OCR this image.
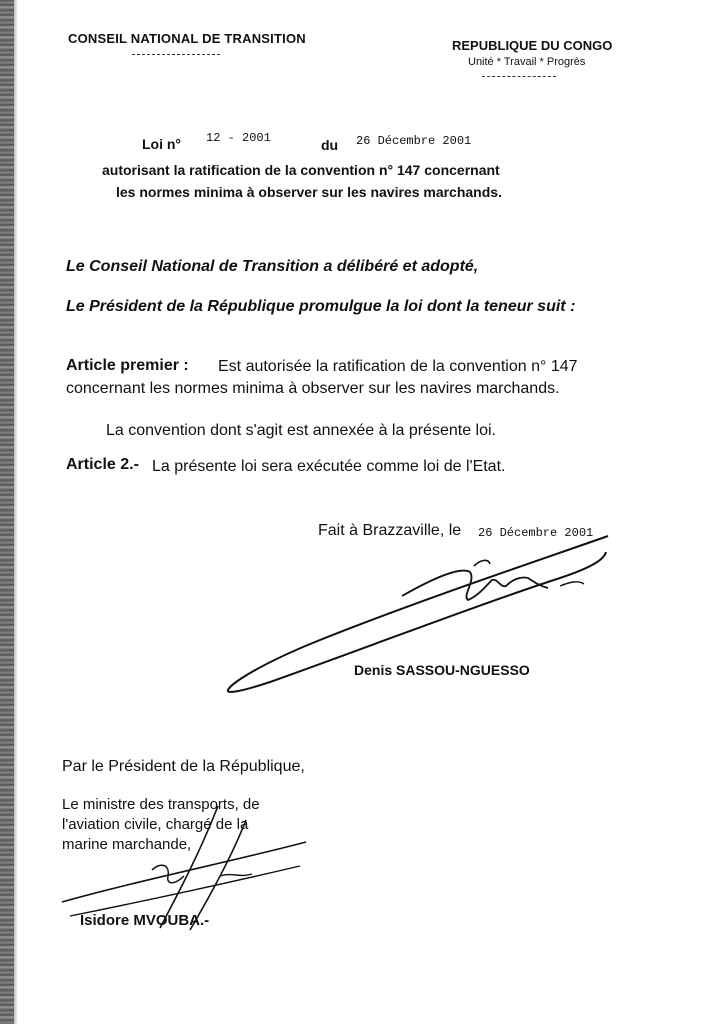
CONSEIL NATIONAL DE TRANSITION	REPUBLIQUE DU CONGO
Unité * Travail * Progrès
Loi n° 12 - 2001	du 26 Décembre 2001
autorisant la ratification de la convention n° 147 concernant
les normes minima à observer sur les navires marchands.
Le Conseil National de Transition a délibéré et adopté,
Le Président de la République promulgue la loi dont la teneur suit :
Article premier : Est autorisée la ratification de la convention n° 147
concernant les normes minima à observer sur les navires marchands.
La convention dont s'agit est annexée à la présente loi.
Article 2.- La présente loi sera exécutée comme loi de l'Etat.
Fait à Brazzaville, le 26 Décembre 2001
Denis SASSOU-NGUESSO
Par le Président de la République,
Le ministre des transports, de
l'aviation civile, chargé de la
marine marchande,
Isidore MVOUBA.-
